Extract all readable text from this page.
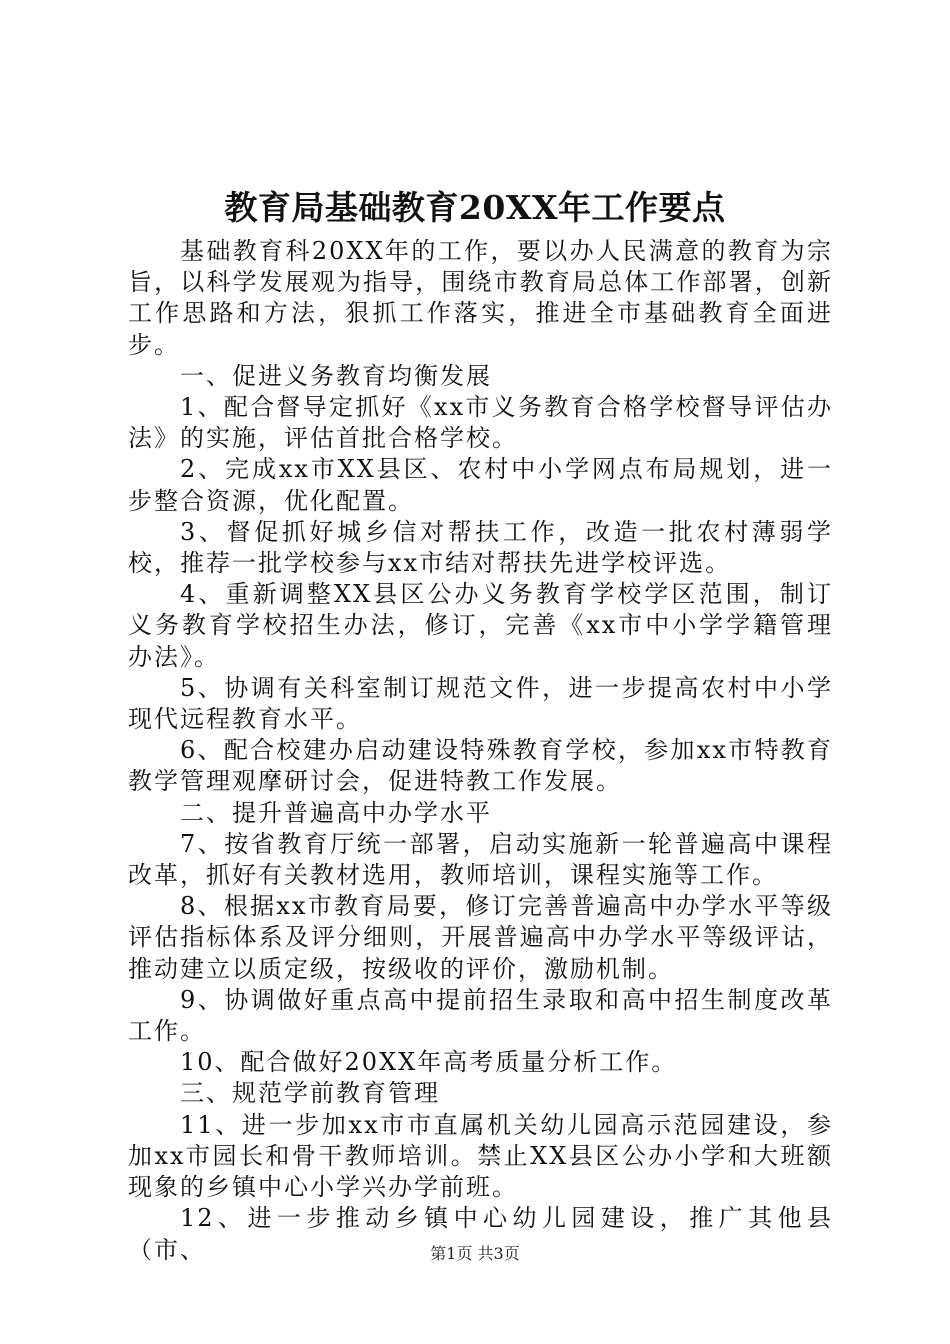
教育局基础教育20XX年工作要点

基础教育科20XX年的工作，要以办人民满意的教育为宗旨，以科学发展观为指导，围绕市教育局总体工作部署，创新工作思路和方法，狠抓工作落实，推进全市基础教育全面进步。

一、促进义务教育均衡发展

1、配合督导定抓好《xx市义务教育合格学校督导评估办法》的实施，评估首批合格学校。

2、完成xx市XX县区、农村中小学网点布局规划，进一步整合资源，优化配置。

3、督促抓好城乡信对帮扶工作，改造一批农村薄弱学校，推荐一批学校参与xx市结对帮扶先进学校评选。

4、重新调整XX县区公办义务教育学校学区范围，制订义务教育学校招生办法，修订，完善《xx市中小学学籍管理办法》。

5、协调有关科室制订规范文件，进一步提高农村中小学现代远程教育水平。

6、配合校建办启动建设特殊教育学校，参加xx市特教育教学管理观摩研讨会，促进特教工作发展。

二、提升普遍高中办学水平

7、按省教育厅统一部署，启动实施新一轮普遍高中课程改革，抓好有关教材选用，教师培训，课程实施等工作。

8、根据xx市教育局要，修订完善普遍高中办学水平等级评估指标体系及评分细则，开展普遍高中办学水平等级评诂，推动建立以质定级，按级收的评价，激励机制。

9、协调做好重点高中提前招生录取和高中招生制度改革工作。

10、配合做好20XX年高考质量分析工作。

三、规范学前教育管理

11、进一步加xx市市直属机关幼儿园高示范园建设，参加xx市园长和骨干教师培训。禁止XX县区公办小学和大班额现象的乡镇中心小学兴办学前班。

12、进一步推动乡镇中心幼儿园建设，推广其他县（市、	第1页 共3页
